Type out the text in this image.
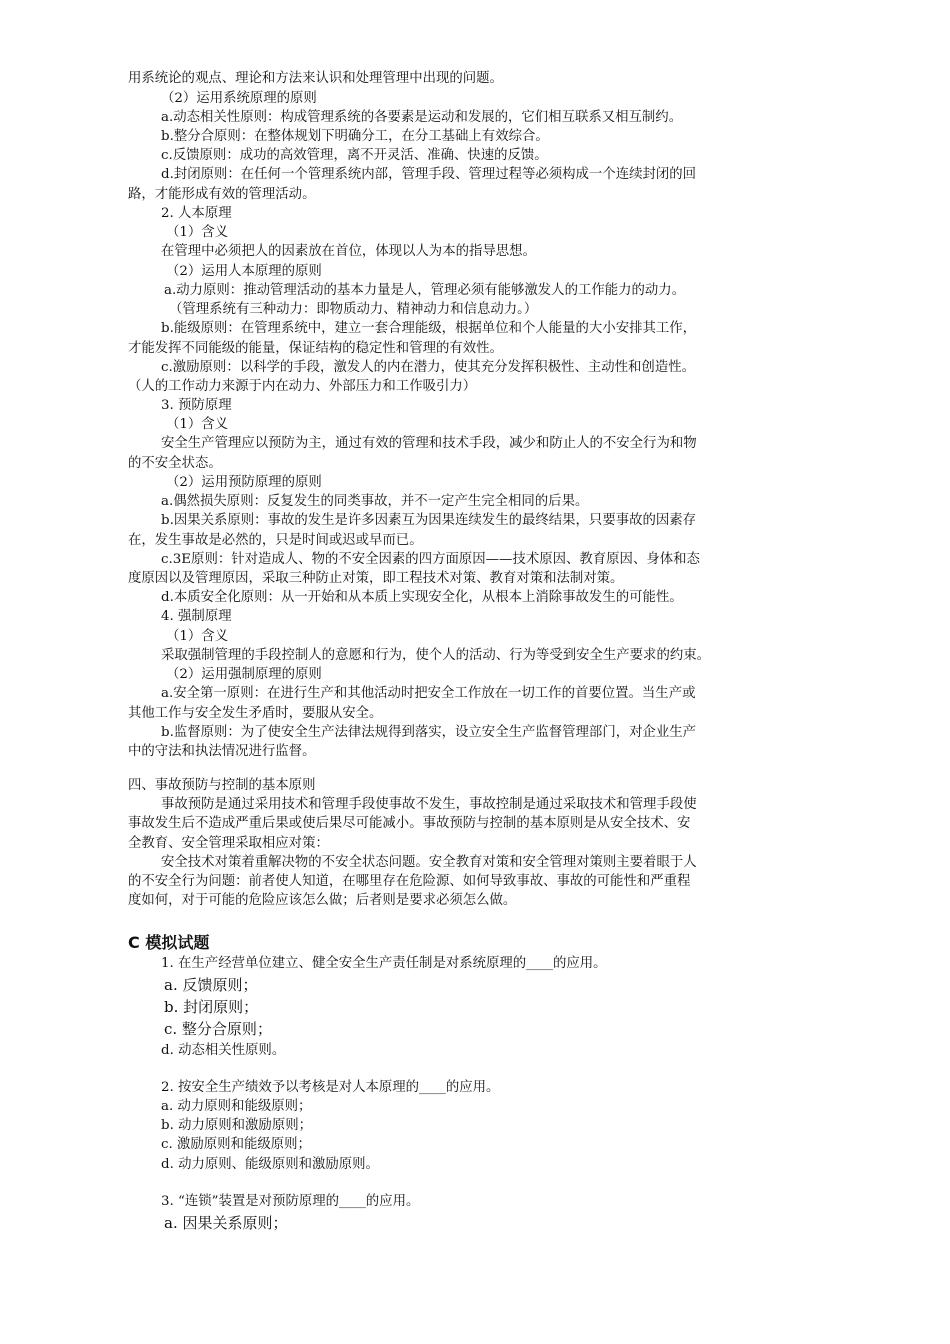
用系统论的观点、理论和方法来认识和处理管理中出现的问题。
（2）运用系统原理的原则
a.动态相关性原则：构成管理系统的各要素是运动和发展的，它们相互联系又相互制约。
b.整分合原则：在整体规划下明确分工，在分工基础上有效综合。
c.反馈原则：成功的高效管理，离不开灵活、准确、快速的反馈。
d.封闭原则：在任何一个管理系统内部，管理手段、管理过程等必须构成一个连续封闭的回
路，才能形成有效的管理活动。
2. 人本原理
（1）含义
在管理中必须把人的因素放在首位，体现以人为本的指导思想。
（2）运用人本原理的原则
a.动力原则：推动管理活动的基本力量是人，管理必须有能够激发人的工作能力的动力。
（管理系统有三种动力：即物质动力、精神动力和信息动力。）
b.能级原则：在管理系统中，建立一套合理能级，根据单位和个人能量的大小安排其工作，
才能发挥不同能级的能量，保证结构的稳定性和管理的有效性。
c.激励原则：以科学的手段，激发人的内在潜力，使其充分发挥积极性、主动性和创造性。
（人的工作动力来源于内在动力、外部压力和工作吸引力）
3. 预防原理
（1）含义
安全生产管理应以预防为主，通过有效的管理和技术手段，减少和防止人的不安全行为和物
的不安全状态。
（2）运用预防原理的原则
a.偶然损失原则：反复发生的同类事故，并不一定产生完全相同的后果。
b.因果关系原则：事故的发生是许多因素互为因果连续发生的最终结果，只要事故的因素存
在，发生事故是必然的，只是时间或迟或早而已。
c.3E原则：针对造成人、物的不安全因素的四方面原因——技术原因、教育原因、身体和态
度原因以及管理原因，采取三种防止对策，即工程技术对策、教育对策和法制对策。
d.本质安全化原则：从一开始和从本质上实现安全化，从根本上消除事故发生的可能性。
4. 强制原理
（1）含义
采取强制管理的手段控制人的意愿和行为，使个人的活动、行为等受到安全生产要求的约束。
（2）运用强制原理的原则
a.安全第一原则：在进行生产和其他活动时把安全工作放在一切工作的首要位置。当生产或
其他工作与安全发生矛盾时，要服从安全。
b.监督原则：为了使安全生产法律法规得到落实，设立安全生产监督管理部门，对企业生产
中的守法和执法情况进行监督。
四、事故预防与控制的基本原则
事故预防是通过采用技术和管理手段使事故不发生，事故控制是通过采取技术和管理手段使
事故发生后不造成严重后果或使后果尽可能减小。事故预防与控制的基本原则是从安全技术、安
全教育、安全管理采取相应对策：
安全技术对策着重解决物的不安全状态问题。安全教育对策和安全管理对策则主要着眼于人
的不安全行为问题：前者使人知道，在哪里存在危险源、如何导致事故、事故的可能性和严重程
度如何，对于可能的危险应该怎么做；后者则是要求必须怎么做。
C 模拟试题
1. 在生产经营单位建立、健全安全生产责任制是对系统原理的____的应用。
a. 反馈原则；
b. 封闭原则；
c. 整分合原则；
d. 动态相关性原则。
2. 按安全生产绩效予以考核是对人本原理的____的应用。
a. 动力原则和能级原则；
b. 动力原则和激励原则；
c. 激励原则和能级原则；
d. 动力原则、能级原则和激励原则。
3. “连锁”装置是对预防原理的____的应用。
a. 因果关系原则；
